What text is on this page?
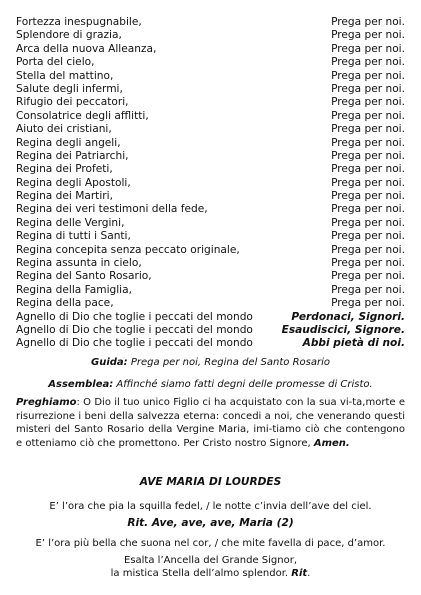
Fortezza inespugnabile,	Prega per noi.
Splendore di grazia,	Prega per noi.
Arca della nuova Alleanza,	Prega per noi.
Porta del cielo,	Prega per noi.
Stella del mattino,	Prega per noi.
Salute degli infermi,	Prega per noi.
Rifugio dei peccatori,	Prega per noi.
Consolatrice degli afflitti,	Prega per noi.
Aiuto dei cristiani,	Prega per noi.
Regina degli angeli,	Prega per noi.
Regina dei Patriarchi,	Prega per noi.
Regina dei Profeti,	Prega per noi.
Regina degli Apostoli,	Prega per noi.
Regina dei Martiri,	Prega per noi.
Regina dei veri testimoni della fede,	Prega per noi.
Regina delle Vergini,	Prega per noi.
Regina di tutti i Santi,	Prega per noi.
Regina concepita senza peccato originale,	Prega per noi.
Regina assunta in cielo,	Prega per noi.
Regina del Santo Rosario,	Prega per noi.
Regina della Famiglia,	Prega per noi.
Regina della pace,	Prega per noi.
Agnello di Dio che toglie i peccati del mondo	Perdonaci, Signori.
Agnello di Dio che toglie i peccati del mondo	Esaudiscici, Signore.
Agnello di Dio che toglie i peccati del mondo	Abbi pietà di noi.
Guida: Prega per noi, Regina del Santo Rosario
Assemblea: Affinché siamo fatti degni delle promesse di Cristo.
Preghiamo: O Dio il tuo unico Figlio ci ha acquistato con la sua vi-ta,morte e risurrezione i beni della salvezza eterna: concedi a noi, che venerando questi misteri del Santo Rosario della Vergine Maria, imi-tiamo ciò che contengono e otteniamo ciò che promettono. Per Cristo nostro Signore, Amen.
AVE MARIA DI LOURDES
E’ l’ora che pia la squilla fedel, / le notte c’invia dell’ave del ciel.
Rit. Ave, ave, ave, Maria (2)
E’ l’ora più bella che suona nel cor, / che mite favella di pace, d’amor.
Esalta l’Ancella del Grande Signor,
la mistica Stella dell’almo splendor. Rit.
